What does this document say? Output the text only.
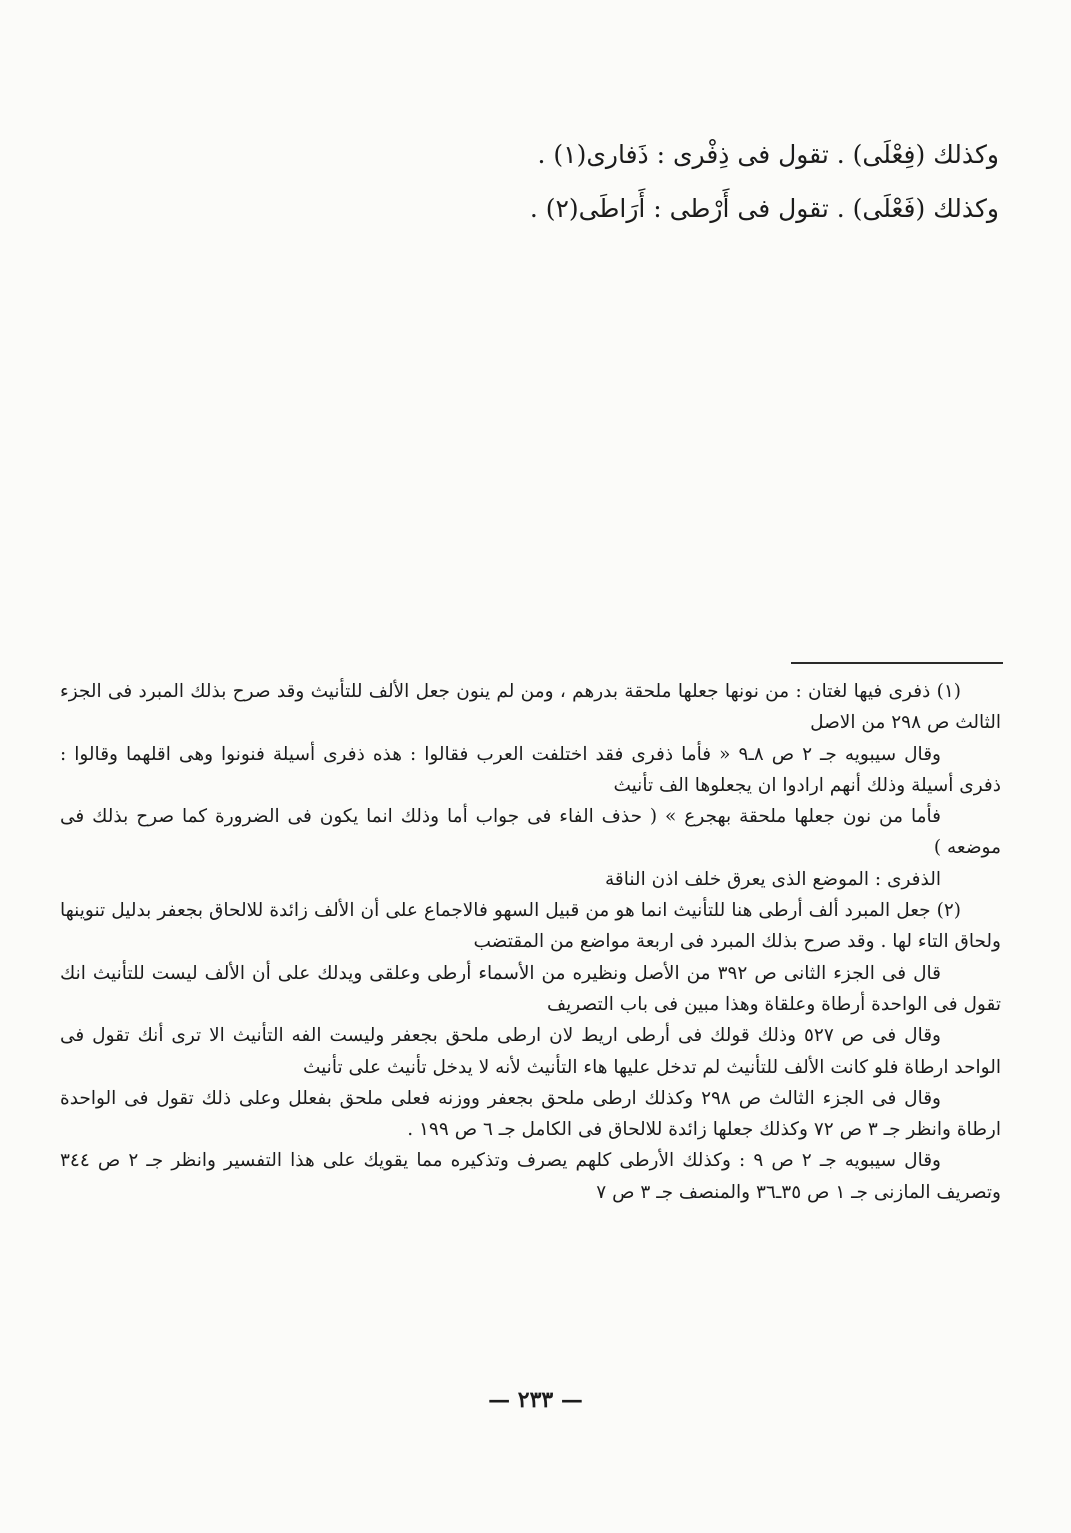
وكذلك (فِعْلَى) . تقول فى ذِفْرى : ذَفارى(١) .

وكذلك (فَعْلَى) . تقول فى أَرْطى : أَرَاطَى(٢) .

(١) ذفرى فيها لغتان : من نونها جعلها ملحقة بدرهم ، ومن لم ينون جعل الألف للتأنيث وقد صرح بذلك المبرد فى الجزء الثالث ص ٢٩٨ من الاصل

وقال سيبويه جـ ٢ ص ٨ـ٩ « فأما ذفرى فقد اختلفت العرب فقالوا : هذه ذفرى أسيلة فنونوا وهى اقلهما وقالوا : ذفرى أسيلة وذلك أنهم ارادوا ان يجعلوها الف تأنيث

فأما من نون جعلها ملحقة بهجرع » ( حذف الفاء فى جواب أما وذلك انما يكون فى الضرورة كما صرح بذلك فى موضعه )

الذفرى : الموضع الذى يعرق خلف اذن الناقة

(٢) جعل المبرد ألف أرطى هنا للتأنيث انما هو من قبيل السهو فالاجماع على أن الألف زائدة للالحاق بجعفر بدليل تنوينها ولحاق التاء لها . وقد صرح بذلك المبرد فى اربعة مواضع من المقتضب

قال فى الجزء الثانى ص ٣٩٢ من الأصل ونظيره من الأسماء أرطى وعلقى ويدلك على أن الألف ليست للتأنيث انك تقول فى الواحدة أرطاة وعلقاة وهذا مبين فى باب التصريف

وقال فى ص ٥٢٧ وذلك قولك فى أرطى اريط لان ارطى ملحق بجعفر وليست الفه التأنيث الا ترى أنك تقول فى الواحد ارطاة فلو كانت الألف للتأنيث لم تدخل عليها هاء التأنيث لأنه لا يدخل تأنيث على تأنيث

وقال فى الجزء الثالث ص ٢٩٨ وكذلك ارطى ملحق بجعفر ووزنه فعلى ملحق بفعلل وعلى ذلك تقول فى الواحدة ارطاة وانظر جـ ٣ ص ٧٢ وكذلك جعلها زائدة للالحاق فى الكامل جـ ٦ ص ١٩٩ .

وقال سيبويه جـ ٢ ص ٩ : وكذلك الأرطى كلهم يصرف وتذكيره مما يقويك على هذا التفسير وانظر جـ ٢ ص ٣٤٤ وتصريف المازنى جـ ١ ص ٣٥ـ٣٦ والمنصف جـ ٣ ص ٧

— ٢٣٣ —
